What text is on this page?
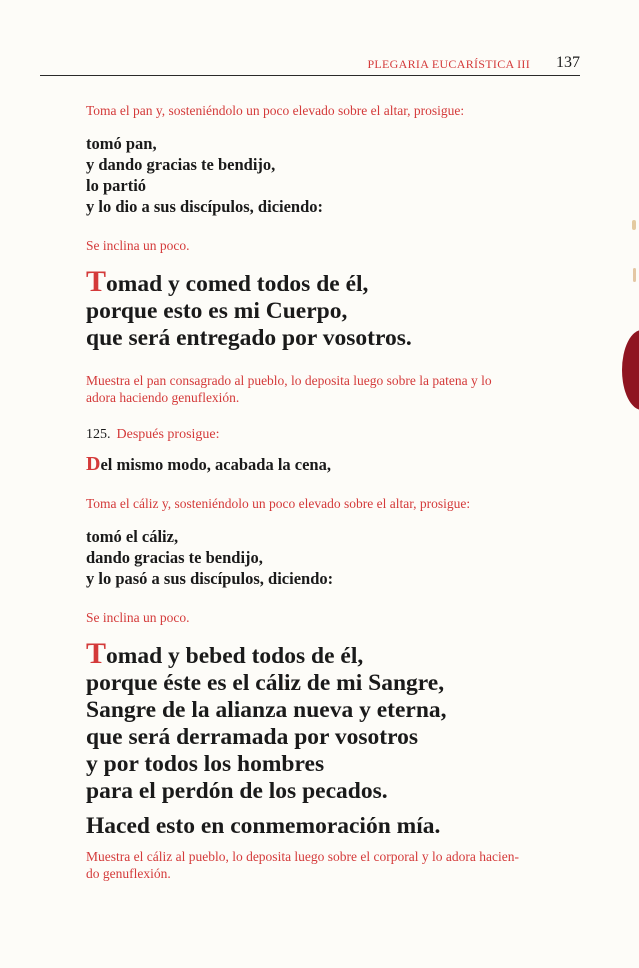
PLEGARIA EUCARÍSTICA III 137

Toma el pan y, sosteniéndolo un poco elevado sobre el altar, prosigue:

tomó pan,
y dando gracias te bendijo,
lo partió
y lo dio a sus discípulos, diciendo:

Se inclina un poco.

Tomad y comed todos de él,
porque esto es mi Cuerpo,
que será entregado por vosotros.
Muestra el pan consagrado al pueblo, lo deposita luego sobre la patena y lo
adora haciendo genuflexión.

125. Después prosigue:

Del mismo modo, acabada la cena,

Toma el cáliz y, sosteniéndolo un poco elevado sobre el altar, prosigue:

tomó el cáliz,
dando gracias te bendijo,
y lo pasó a sus discípulos, diciendo:

Se inclina un poco.

Tomad y bebed todos de él,
porque éste es el cáliz de mi Sangre,
Sangre de la alianza nueva y eterna,
que será derramada por vosotros
y por todos los hombres
para el perdón de los pecados.
Haced esto en conmemoración mía.
Muestra el cáliz al pueblo, lo deposita luego sobre el corporal y lo adora hacien-
do genuflexión.
